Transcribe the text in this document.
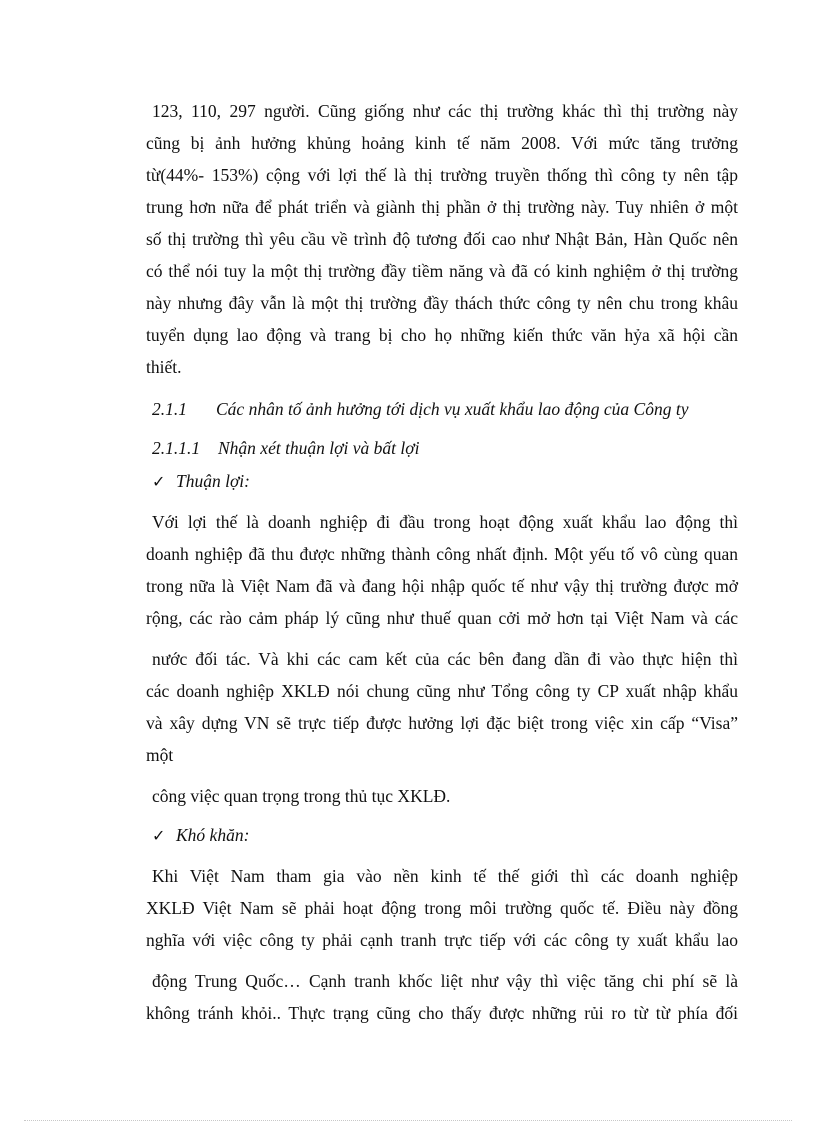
123, 110, 297 người. Cũng giống như các thị trường khác thì thị trường này
cũng bị ảnh hưởng khủng hoảng kinh tế năm 2008. Với mức tăng trưởng
từ(44%- 153%) cộng với lợi thế là thị trường truyền thống thì công ty nên tập
trung hơn nữa để phát triển và giành thị phần ở thị trường này. Tuy nhiên ở một
số thị trường thì yêu cầu về trình độ tương đối cao như Nhật Bản, Hàn Quốc nên
có thể nói tuy la một thị trường đầy tiềm năng và đã có kinh nghiệm ở thị trường
này nhưng đây vẫn là một thị trường đầy thách thức công ty nên chu trong khâu
tuyển dụng lao động và trang bị cho họ những kiến thức văn hỷa xã hội cần
thiết.
2.1.1 Các nhân tố ảnh hưởng tới dịch vụ xuất khẩu lao động của Công ty
2.1.1.1 Nhận xét thuận lợi và bất lợi
✓ Thuận lợi:
Với lợi thế là doanh nghiệp đi đầu trong hoạt động xuất khẩu lao động thì
doanh nghiệp đã thu được những thành công nhất định. Một yếu tố vô cùng quan
trong nữa là Việt Nam đã và đang hội nhập quốc tế như vậy thị trường được mở
rộng, các rào cảm pháp lý cũng như thuế quan cởi mở hơn tại Việt Nam và các
nước đối tác. Và khi các cam kết của các bên đang dần đi vào thực hiện thì
các doanh nghiệp XKLĐ nói chung cũng như Tổng công ty CP xuất nhập khẩu
và xây dựng VN sẽ trực tiếp được hưởng lợi đặc biệt trong việc xin cấp “Visa”
một
công việc quan trọng trong thủ tục XKLĐ.
✓ Khó khăn:
Khi Việt Nam tham gia vào nền kinh tế thế giới thì các doanh nghiệp
XKLĐ Việt Nam sẽ phải hoạt động trong môi trường quốc tế. Điều này đồng
nghĩa với việc công ty phải cạnh tranh trực tiếp với các công ty xuất khẩu lao
động Trung Quốc… Cạnh tranh khốc liệt như vậy thì việc tăng chi phí sẽ là
không tránh khỏi.. Thực trạng cũng cho thấy được những rủi ro từ từ phía đối
